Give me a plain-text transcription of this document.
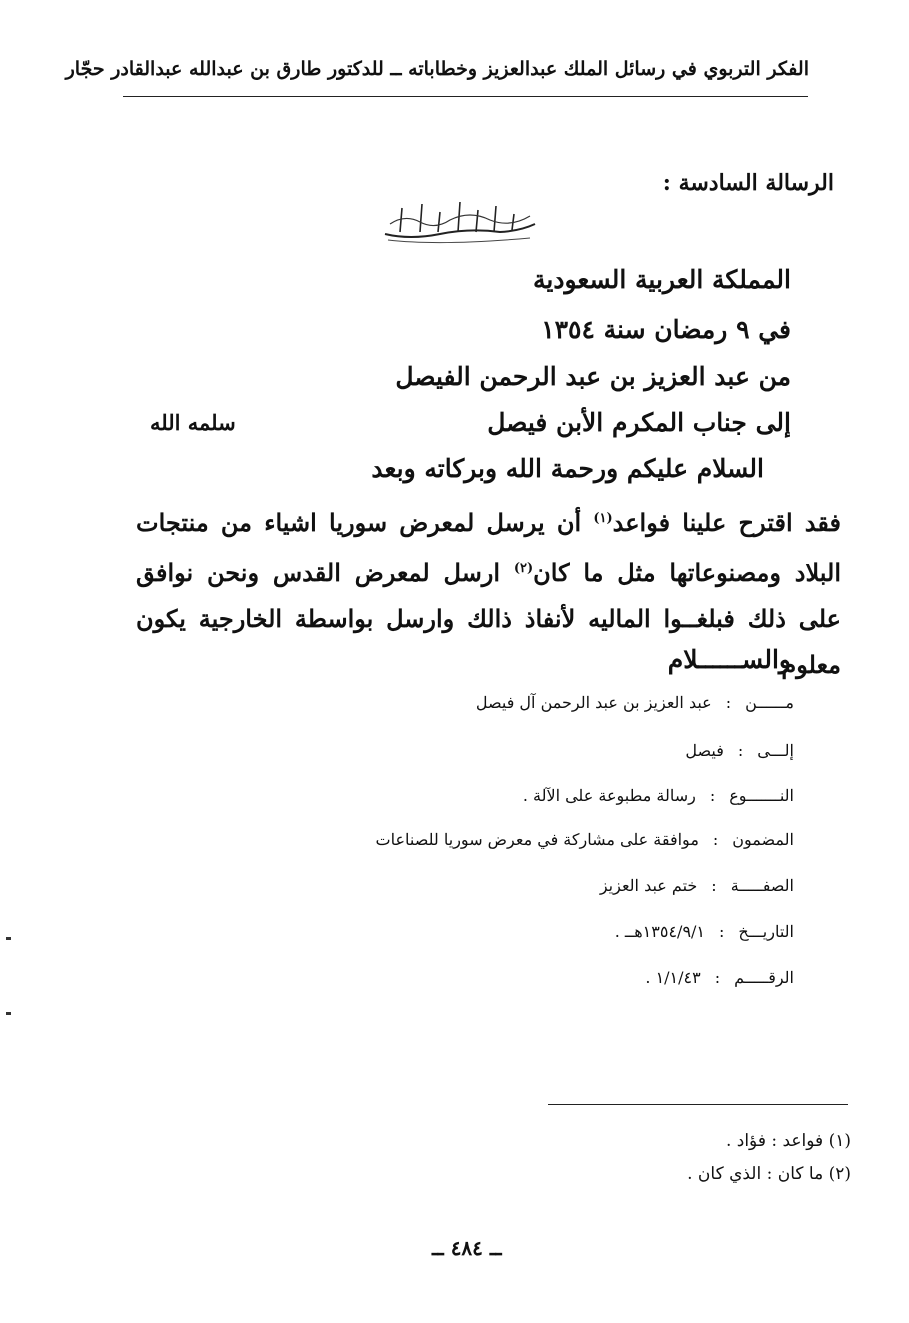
الفكر التربوي في رسائل الملك عبدالعزيز وخطاباته ــ للدكتور طارق بن عبدالله عبدالقادر حجّار
الرسالة السادسة :
المملكة العربية السعودية
في ٩ رمضان سنة ١٣٥٤
من عبد العزيز بن عبد الرحمن الفيصل
إلى جناب المكرم الأبن فيصل
سلمه الله
السلام عليكم ورحمة الله وبركاته وبعد
فقد اقترح علينا فواعد$^{(١)}$ أن يرسل لمعرض سوريا اشياء من منتجات البلاد ومصنوعاتها مثل ما كان$^{(٢)}$ ارسل لمعرض القدس ونحن نوافق على ذلك فبلغــوا الماليه لأنفاذ ذالك وارسل بواسطة الخارجية يكون معلوم
والســــــلام
مــــــن:عبد العزيز بن عبد الرحمن آل فيصل
إلـــى:فيصل
النـــــــوع:رسالة مطبوعة على الآلة .
المضمون:موافقة على مشاركة في معرض سوريا للصناعات
الصفـــــة:ختم عبد العزيز
التاريـــخ:١٣٥٤/٩/١هــ .
الرقـــــم:١/١/٤٣ .
(١) فواعد : فؤاد .
(٢) ما كان : الذي كان .
ــ ٤٨٤ ــ
